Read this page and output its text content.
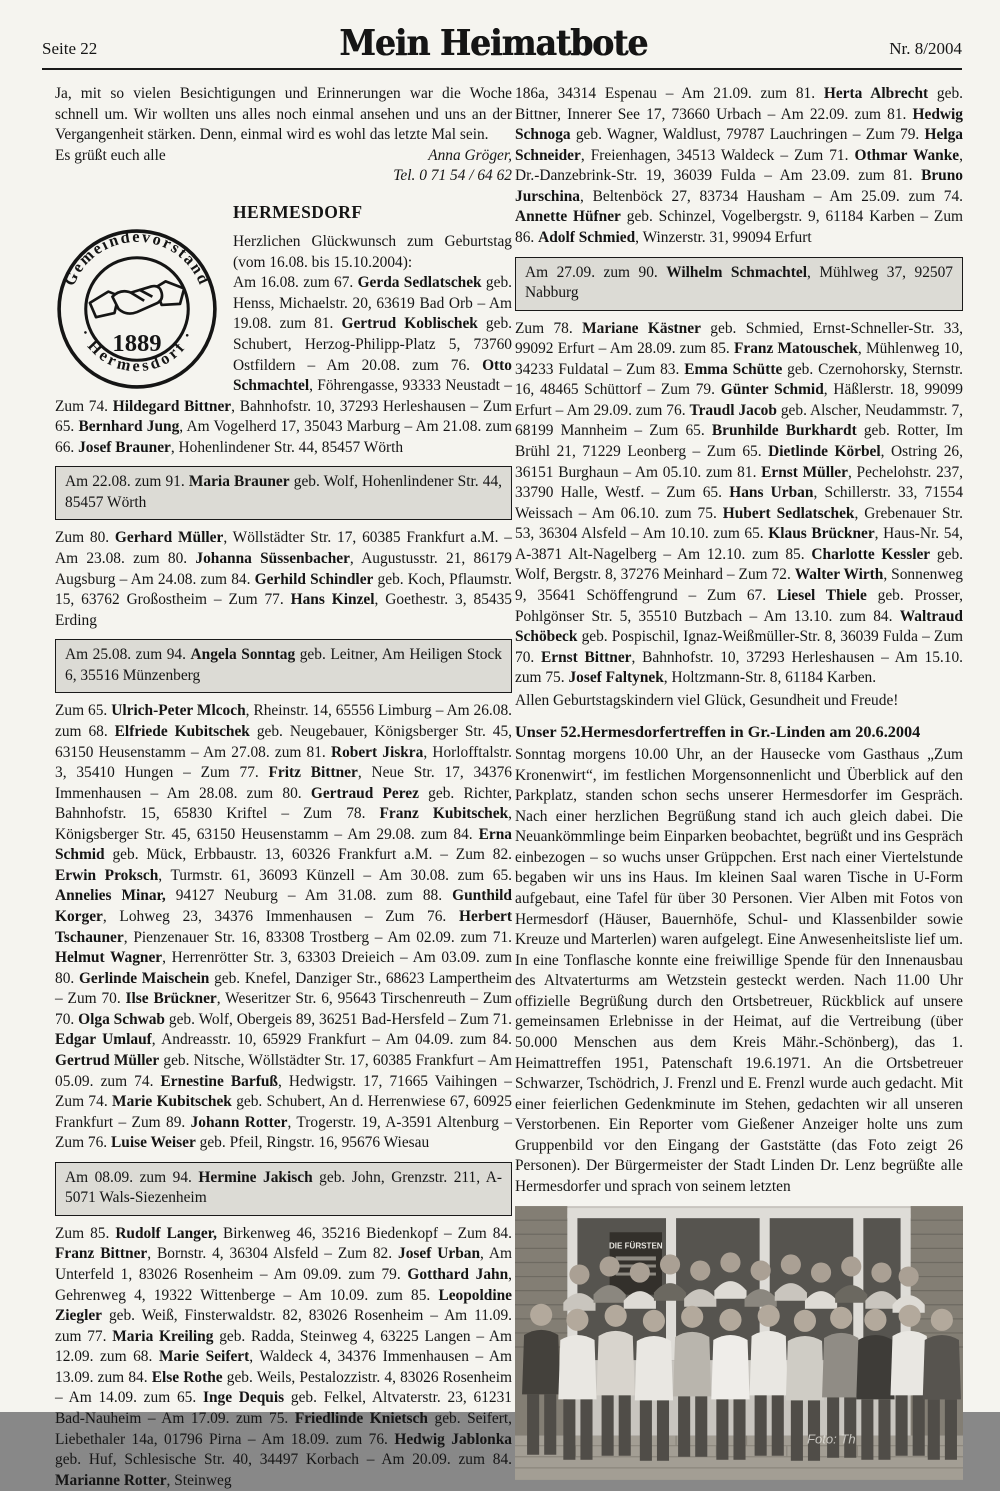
Seite 22	Mein Heimatbote	Nr. 8/2004

Ja, mit so vielen Besichtigungen und Erinnerungen war die Woche schnell um. Wir wollten uns alles noch einmal ansehen und uns an der Vergangenheit stärken. Denn, einmal wird es wohl das letzte Mal sein.

Es grüßt euch alle	Anna Gröger,
Tel. 0 71 54 / 64 62
Gemeindevorstand
· Hermesdorf ·
1889
HERMESDORF

Herzlichen Glückwunsch zum Geburtstag (vom 16.08. bis 15.10.2004):

Am 16.08. zum 67. Gerda Sedlatschek geb. Henss, Michaelstr. 20, 63619 Bad Orb – Am 19.08. zum 81. Gertrud Koblischek geb. Schubert, Herzog-Philipp-Platz 5, 73760 Ostfildern – Am 20.08. zum 76. Otto Schmachtel, Föhrengasse, 93333 Neustadt – Zum 74. Hildegard Bittner, Bahnhofstr. 10, 37293 Herleshausen – Zum 65. Bernhard Jung, Am Vogelherd 17, 35043 Marburg – Am 21.08. zum 66. Josef Brauner, Hohenlindener Str. 44, 85457 Wörth

Am 22.08. zum 91. Maria Brauner geb. Wolf, Hohenlindener Str. 44, 85457 Wörth

Zum 80. Gerhard Müller, Wöllstädter Str. 17, 60385 Frankfurt a.M. – Am 23.08. zum 80. Johanna Süssenbacher, Augustusstr. 21, 86179 Augsburg – Am 24.08. zum 84. Gerhild Schindler geb. Koch, Pflaumstr. 15, 63762 Großostheim – Zum 77. Hans Kinzel, Goethestr. 3, 85435 Erding

Am 25.08. zum 94. Angela Sonntag geb. Leitner, Am Heiligen Stock 6, 35516 Münzenberg

Zum 65. Ulrich-Peter Mlcoch, Rheinstr. 14, 65556 Limburg – Am 26.08. zum 68. Elfriede Kubitschek geb. Neugebauer, Königsberger Str. 45, 63150 Heusenstamm – Am 27.08. zum 81. Robert Jiskra, Horlofftalstr. 3, 35410 Hungen – Zum 77. Fritz Bittner, Neue Str. 17, 34376 Immenhausen – Am 28.08. zum 80. Gertraud Perez geb. Richter, Bahnhofstr. 15, 65830 Kriftel – Zum 78. Franz Kubitschek, Königsberger Str. 45, 63150 Heusenstamm – Am 29.08. zum 84. Erna Schmid geb. Mück, Erbbaustr. 13, 60326 Frankfurt a.M. – Zum 82. Erwin Proksch, Turmstr. 61, 36093 Künzell – Am 30.08. zum 65. Annelies Minar, 94127 Neuburg – Am 31.08. zum 88. Gunthild Korger, Lohweg 23, 34376 Immenhausen – Zum 76. Herbert Tschauner, Pienzenauer Str. 16, 83308 Trostberg – Am 02.09. zum 71. Helmut Wagner, Herrenrötter Str. 3, 63303 Dreieich – Am 03.09. zum 80. Gerlinde Maischein geb. Knefel, Danziger Str., 68623 Lampertheim – Zum 70. Ilse Brückner, Weseritzer Str. 6, 95643 Tirschenreuth – Zum 70. Olga Schwab geb. Wolf, Obergeis 89, 36251 Bad-Hersfeld – Zum 71. Edgar Umlauf, Andreasstr. 10, 65929 Frankfurt – Am 04.09. zum 84. Gertrud Müller geb. Nitsche, Wöllstädter Str. 17, 60385 Frankfurt – Am 05.09. zum 74. Ernestine Barfuß, Hedwigstr. 17, 71665 Vaihingen – Zum 74. Marie Kubitschek geb. Schubert, An d. Herrenwiese 67, 60925 Frankfurt – Zum 89. Johann Rotter, Trogerstr. 19, A-3591 Altenburg – Zum 76. Luise Weiser geb. Pfeil, Ringstr. 16, 95676 Wiesau

Am 08.09. zum 94. Hermine Jakisch geb. John, Grenzstr. 211, A-5071 Wals-Siezenheim

Zum 85. Rudolf Langer, Birkenweg 46, 35216 Biedenkopf – Zum 84. Franz Bittner, Bornstr. 4, 36304 Alsfeld – Zum 82. Josef Urban, Am Unterfeld 1, 83026 Rosenheim – Am 09.09. zum 79. Gotthard Jahn, Gehrenweg 4, 19322 Wittenberge – Am 10.09. zum 85. Leopoldine Ziegler geb. Weiß, Finsterwaldstr. 82, 83026 Rosenheim – Am 11.09. zum 77. Maria Kreiling geb. Radda, Steinweg 4, 63225 Langen – Am 12.09. zum 68. Marie Seifert, Waldeck 4, 34376 Immenhausen – Am 13.09. zum 84. Else Rothe geb. Weils, Pestalozzistr. 4, 83026 Rosenheim – Am 14.09. zum 65. Inge Dequis geb. Felkel, Altvaterstr. 23, 61231 Bad-Nauheim – Am 17.09. zum 75. Friedlinde Knietsch geb. Seifert, Liebethaler 14a, 01796 Pirna – Am 18.09. zum 76. Hedwig Jablonka geb. Huf, Schlesische Str. 40, 34497 Korbach – Am 20.09. zum 84. Marianne Rotter, Steinweg

186a, 34314 Espenau – Am 21.09. zum 81. Herta Albrecht geb. Bittner, Innerer See 17, 73660 Urbach – Am 22.09. zum 81. Hedwig Schnoga geb. Wagner, Waldlust, 79787 Lauchringen – Zum 79. Helga Schneider, Freienhagen, 34513 Waldeck – Zum 71. Othmar Wanke, Dr.-Danzebrink-Str. 19, 36039 Fulda – Am 23.09. zum 81. Bruno Jurschina, Beltenböck 27, 83734 Hausham – Am 25.09. zum 74. Annette Hüfner geb. Schinzel, Vogelbergstr. 9, 61184 Karben – Zum 86. Adolf Schmied, Winzerstr. 31, 99094 Erfurt

Am 27.09. zum 90. Wilhelm Schmachtel, Mühlweg 37, 92507 Nabburg

Zum 78. Mariane Kästner geb. Schmied, Ernst-Schneller-Str. 33, 99092 Erfurt – Am 28.09. zum 85. Franz Matouschek, Mühlenweg 10, 34233 Fuldatal – Zum 83. Emma Schütte geb. Czernohorsky, Sternstr. 16, 48465 Schüttorf – Zum 79. Günter Schmid, Häßlerstr. 18, 99099 Erfurt – Am 29.09. zum 76. Traudl Jacob geb. Alscher, Neudammstr. 7, 68199 Mannheim – Zum 65. Brunhilde Burkhardt geb. Rotter, Im Brühl 21, 71229 Leonberg – Zum 65. Dietlinde Körbel, Ostring 26, 36151 Burghaun – Am 05.10. zum 81. Ernst Müller, Pechelohstr. 237, 33790 Halle, Westf. – Zum 65. Hans Urban, Schillerstr. 33, 71554 Weissach – Am 06.10. zum 75. Hubert Sedlatschek, Grebenauer Str. 53, 36304 Alsfeld – Am 10.10. zum 65. Klaus Brückner, Haus-Nr. 54, A-3871 Alt-Nagelberg – Am 12.10. zum 85. Charlotte Kessler geb. Wolf, Bergstr. 8, 37276 Meinhard – Zum 72. Walter Wirth, Sonnenweg 9, 35641 Schöffengrund – Zum 67. Liesel Thiele geb. Prosser, Pohlgönser Str. 5, 35510 Butzbach – Am 13.10. zum 84. Waltraud Schöbeck geb. Pospischil, Ignaz-Weißmüller-Str. 8, 36039 Fulda – Zum 70. Ernst Bittner, Bahnhofstr. 10, 37293 Herleshausen – Am 15.10. zum 75. Josef Faltynek, Holtzmann-Str. 8, 61184 Karben.

Allen Geburtstagskindern viel Glück, Gesundheit und Freude!

Unser 52.Hermesdorfertreffen in Gr.-Linden am 20.6.2004

Sonntag morgens 10.00 Uhr, an der Hausecke vom Gasthaus „Zum Kronenwirt“, im festlichen Morgensonnenlicht und Überblick auf den Parkplatz, standen schon sechs unserer Hermesdorfer im Gespräch. Nach einer herzlichen Begrüßung stand ich auch gleich dabei. Die Neuankömmlinge beim Einparken beobachtet, begrüßt und ins Gespräch einbezogen – so wuchs unser Grüppchen. Erst nach einer Viertelstunde begaben wir uns ins Haus. Im kleinen Saal waren Tische in U-Form aufgebaut, eine Tafel für über 30 Personen. Vier Alben mit Fotos von Hermesdorf (Häuser, Bauernhöfe, Schul- und Klassenbilder sowie Kreuze und Marterlen) waren aufgelegt. Eine Anwesenheitsliste lief um. In eine Tonflasche konnte eine freiwillige Spende für den Innenausbau des Altvaterturms am Wetzstein gesteckt werden. Nach 11.00 Uhr offizielle Begrüßung durch den Ortsbetreuer, Rückblick auf unsere gemeinsamen Erlebnisse in der Heimat, auf die Vertreibung (über 50.000 Menschen aus dem Kreis Mähr.-Schönberg), das 1. Heimattreffen 1951, Patenschaft 19.6.1971. An die Ortsbetreuer Schwarzer, Tschödrich, J. Frenzl und E. Frenzl wurde auch gedacht. Mit einer feierlichen Gedenkminute im Stehen, gedachten wir all unseren Verstorbenen. Ein Reporter vom Gießener Anzeiger holte uns zum Gruppenbild vor den Eingang der Gaststätte (das Foto zeigt 26 Personen). Der Bürgermeister der Stadt Linden Dr. Lenz begrüßte alle Hermesdorfer und sprach von seinem letzten

DIE FÜRSTEN
Foto: Th
